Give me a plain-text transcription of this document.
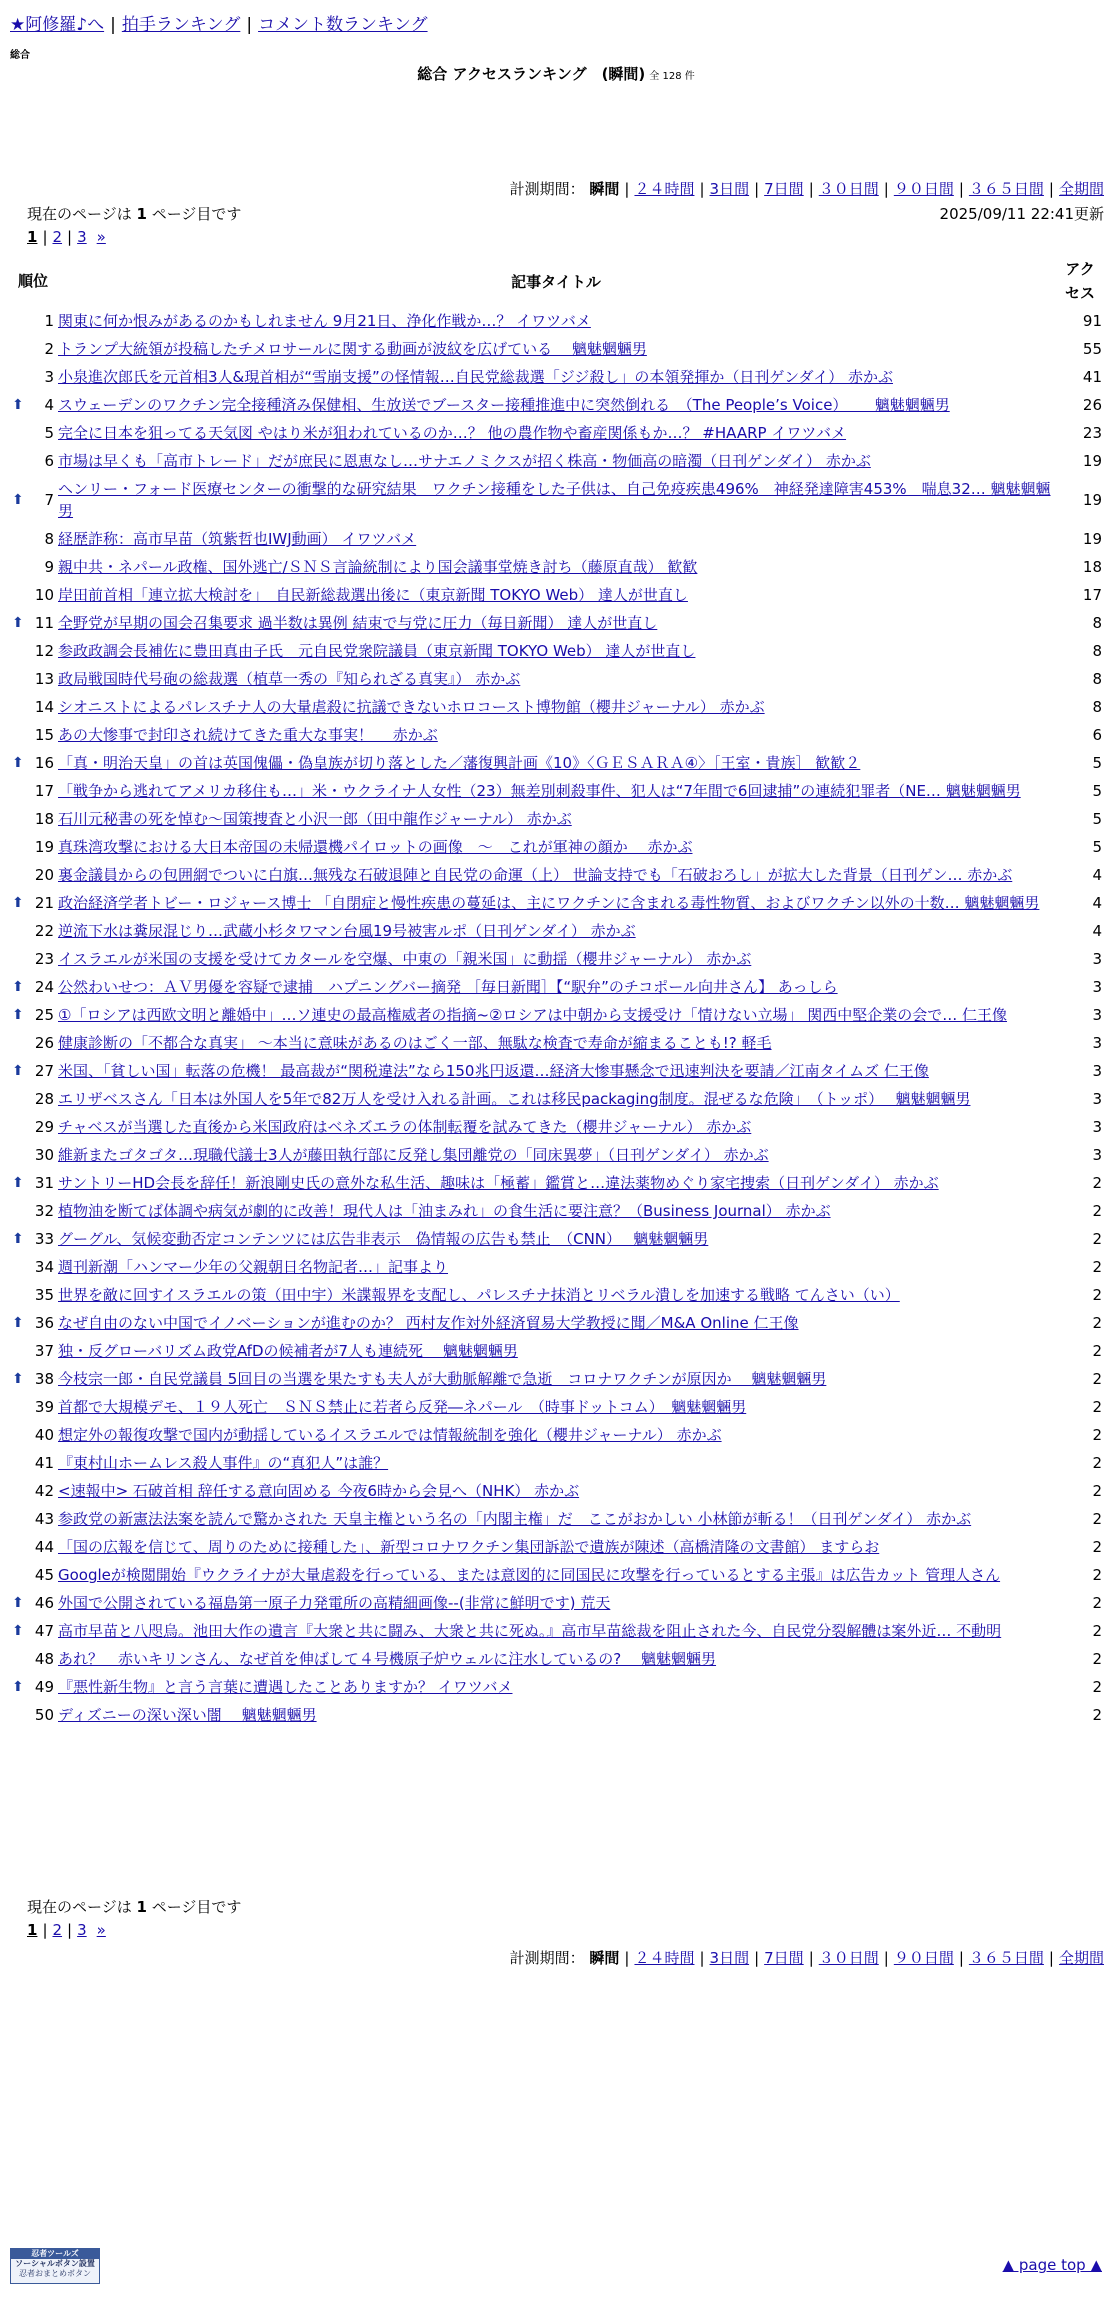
★阿修羅♪へ | 拍手ランキング | コメント数ランキング
総合
総合 アクセスランキング　(瞬間) 全 128 件
計測期間： 瞬間 | ２４時間 | 3日間 | 7日間 | ３０日間 | ９０日間 | ３６５日間 | 全期間
現在のページは 1 ページ目です	2025/09/11 22:41更新
1 | 2 | 3 »
順位		記事タイトル	アクセス
	1	関東に何か恨みがあるのかもしれません 9月21日、浄化作戦か…？ イワツバメ	91
	2	トランプ大統領が投稿したチメロサールに関する動画が波紋を広げている　 魑魅魍魎男	55
	3	小泉進次郎氏を元首相3人&現首相が“雪崩支援”の怪情報…自民党総裁選「ジジ殺し」の本領発揮か（日刊ゲンダイ） 赤かぶ	41
⬆	4	スウェーデンのワクチン完全接種済み保健相、生放送でブースター接種推進中に突然倒れる　（The People’s Voice）　　 魑魅魍魎男	26
	5	完全に日本を狙ってる天気図 やはり米が狙われているのか…？ 他の農作物や畜産関係もか…？ #HAARP イワツバメ	23
	6	市場は早くも「高市トレード」だが庶民に恩恵なし…サナエノミクスが招く株高・物価高の暗濁（日刊ゲンダイ） 赤かぶ	19
⬆	7	ヘンリー・フォード医療センターの衝撃的な研究結果　ワクチン接種をした子供は、自己免疫疾患496%　神経発達障害453%　喘息32… 魑魅魍魎男	19
	8	経歴詐称：高市早苗（筑紫哲也IWJ動画） イワツバメ	19
	9	親中共・ネパール政権、国外逃亡/ＳＮＳ言論統制により国会議事堂焼き討ち（藤原直哉） 歓歓	18
	10	岸田前首相「連立拡大検討を」　自民新総裁選出後に（東京新聞 TOKYO Web） 達人が世直し	17
⬆	11	全野党が早期の国会召集要求 過半数は異例 結束で与党に圧力（毎日新聞） 達人が世直し	8
	12	参政政調会長補佐に豊田真由子氏　元自民党衆院議員（東京新聞 TOKYO Web） 達人が世直し	8
	13	政局戦国時代号砲の総裁選（植草一秀の『知られざる真実』） 赤かぶ	8
	14	シオニストによるパレスチナ人の大量虐殺に抗議できないホロコースト博物館（櫻井ジャーナル） 赤かぶ	8
	15	あの大惨事で封印され続けてきた重大な事実！　 赤かぶ	6
⬆	16	「真・明治天皇」の首は英国傀儡・偽皇族が切り落とした／藩復興計画《10》〈ＧＥＳＡＲＡ④〉［王室・貴族］ 歓歓２	5
	17	「戦争から逃れてアメリカ移住も…」米・ウクライナ人女性（23）無差別刺殺事件、犯人は“7年間で6回逮捕”の連続犯罪者（NE… 魑魅魍魎男	5
	18	石川元秘書の死を悼む〜国策捜査と小沢一郎（田中龍作ジャーナル） 赤かぶ	5
	19	真珠湾攻撃における大日本帝国の未帰還機パイロットの画像　〜　これが軍神の顔か　 赤かぶ	5
	20	裏金議員からの包囲網でついに白旗…無残な石破退陣と自民党の命運（上） 世論支持でも「石破おろし」が拡大した背景（日刊ゲン… 赤かぶ	4
⬆	21	政治経済学者トビー・ロジャース博士 「自閉症と慢性疾患の蔓延は、主にワクチンに含まれる毒性物質、およびワクチン以外の十数… 魑魅魍魎男	4
	22	逆流下水は糞尿混じり…武蔵小杉タワマン台風19号被害ルポ（日刊ゲンダイ） 赤かぶ	4
	23	イスラエルが米国の支援を受けてカタールを空爆、中東の「親米国」に動揺（櫻井ジャーナル） 赤かぶ	3
⬆	24	公然わいせつ：ＡＶ男優を容疑で逮捕　ハプニングバー摘発 ［毎日新聞］【“駅弁”のチコポール向井さん】 あっしら	3
⬆	25	①「ロシアは西欧文明と離婚中」…ソ連史の最高権威者の指摘~②ロシアは中朝から支援受け「情けない立場」 関西中堅企業の会で… 仁王像	3
	26	健康診断の「不都合な真実」 〜本当に意味があるのはごく一部、無駄な検査で寿命が縮まることも!? 軽毛	3
⬆	27	米国、「貧しい国」転落の危機！ 最高裁が“関税違法”なら150兆円返還…経済大惨事懸念で迅速判決を要請／江南タイムズ 仁王像	3
	28	エリザベスさん「日本は外国人を5年で82万人を受け入れる計画。これは移民packaging制度。混ぜるな危険」　（トッポ）　 魑魅魍魎男	3
	29	チャベスが当選した直後から米国政府はベネズエラの体制転覆を試みてきた（櫻井ジャーナル） 赤かぶ	3
	30	維新またゴタゴタ…現職代議士3人が藤田執行部に反発し集団離党の「同床異夢」（日刊ゲンダイ） 赤かぶ	3
⬆	31	サントリーHD会長を辞任！新浪剛史氏の意外な私生活、趣味は「極蓄」鑑賞と…違法薬物めぐり家宅捜索（日刊ゲンダイ） 赤かぶ	2
	32	植物油を断てば体調や病気が劇的に改善！現代人は「油まみれ」の食生活に要注意？（Business Journal） 赤かぶ	2
⬆	33	グーグル、気候変動否定コンテンツには広告非表示　偽情報の広告も禁止　（CNN）　 魑魅魍魎男	2
	34	週刊新潮「ハンマー少年の父親朝日名物記者…」記事より	2
	35	世界を敵に回すイスラエルの策（田中宇）米諜報界を支配し、パレスチナ抹消とリベラル潰しを加速する戦略 てんさい（い）	2
⬆	36	なぜ自由のない中国でイノベーションが進むのか？ 西村友作対外経済貿易大学教授に聞／M&A Online 仁王像	2
	37	独・反グローバリズム政党AfDの候補者が7人も連続死　 魑魅魍魎男	2
⬆	38	今枝宗一郎・自民党議員 5回目の当選を果たすも夫人が大動脈解離で急逝　コロナワクチンが原因か　 魑魅魍魎男	2
	39	首都で大規模デモ、１９人死亡　ＳＮＳ禁止に若者ら反発―ネパール　（時事ドットコム）　魑魅魍魎男	2
	40	想定外の報復攻撃で国内が動揺しているイスラエルでは情報統制を強化（櫻井ジャーナル） 赤かぶ	2
	41	『東村山ホームレス殺人事件』の“真犯人”は誰？	2
	42	<速報中> 石破首相 辞任する意向固める 今夜6時から会見へ（NHK） 赤かぶ	2
	43	参政党の新憲法法案を読んで驚かされた 天皇主権という名の「内閣主権」だ　ここがおかしい 小林節が斬る！（日刊ゲンダイ） 赤かぶ	2
	44	「国の広報を信じて、周りのために接種した」、新型コロナワクチン集団訴訟で遺族が陳述（高橋清隆の文書館） ますらお	2
	45	Googleが検閲開始『ウクライナが大量虐殺を行っている、または意図的に同国民に攻撃を行っているとする主張』は広告カット 管理人さん	2
⬆	46	外国で公開されている福島第一原子力発電所の高精細画像--(非常に鮮明です) 荒天	2
⬆	47	高市早苗と八咫烏。池田大作の遺言『大衆と共に闘み、大衆と共に死ぬ。』高市早苗総裁を阻止された今、自民党分裂解體は案外近… 不動明	2
	48	あれ？　赤いキリンさん、なぜ首を伸ばして４号機原子炉ウェルに注水しているの?　 魑魅魍魎男	2
⬆	49	『悪性新生物』と言う言葉に遭遇したことありますか？ イワツバメ	2
	50	ディズニーの深い深い闇　 魑魅魍魎男	2
現在のページは 1 ページ目です
1 | 2 | 3 »
計測期間： 瞬間 | ２４時間 | 3日間 | 7日間 | ３０日間 | ９０日間 | ３６５日間 | 全期間
忍者ツールズ
ソーシャルボタン設置
忍者おまとめボタン	▲ page top ▲
